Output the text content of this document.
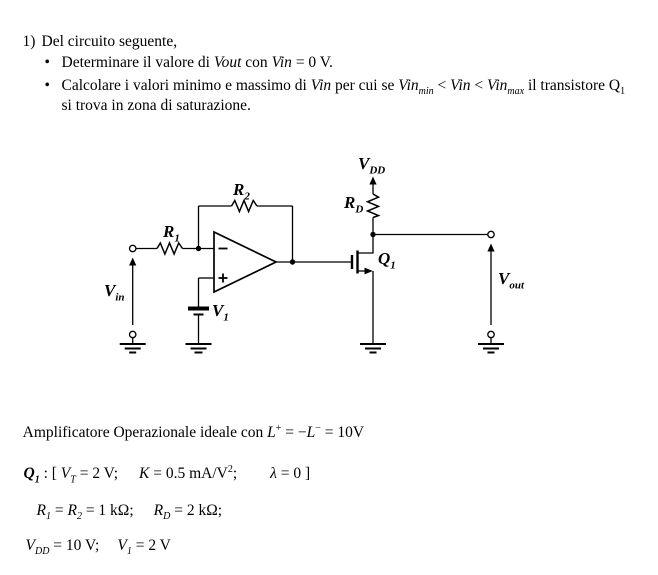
1) Del circuito seguente,

• Determinare il valore di Vout con Vin = 0 V.

• Calcolare i valori minimo e massimo di Vin per cui se Vin$_{min}$ < Vin < Vin$_{max}$ il transistore $Q_1$

si trova in zona di saturazione.

$V_{DD}$
$R_D$
$R_2$
$R_1$
$Q_1$
$V_1$
$V_{in}$
$V_{out}$

Amplificatore Operazionale ideale con L+ = −L− = 10V

$Q_1$ : [ $V_T = 2$ V; K = 0.5 $mA/V^2$; λ = 0 ]

$R_1 = R_2 = 1$ kΩ; $R_D = 2$ kΩ;

$V_{DD} = 10$ V; $V_1 = 2$ V
